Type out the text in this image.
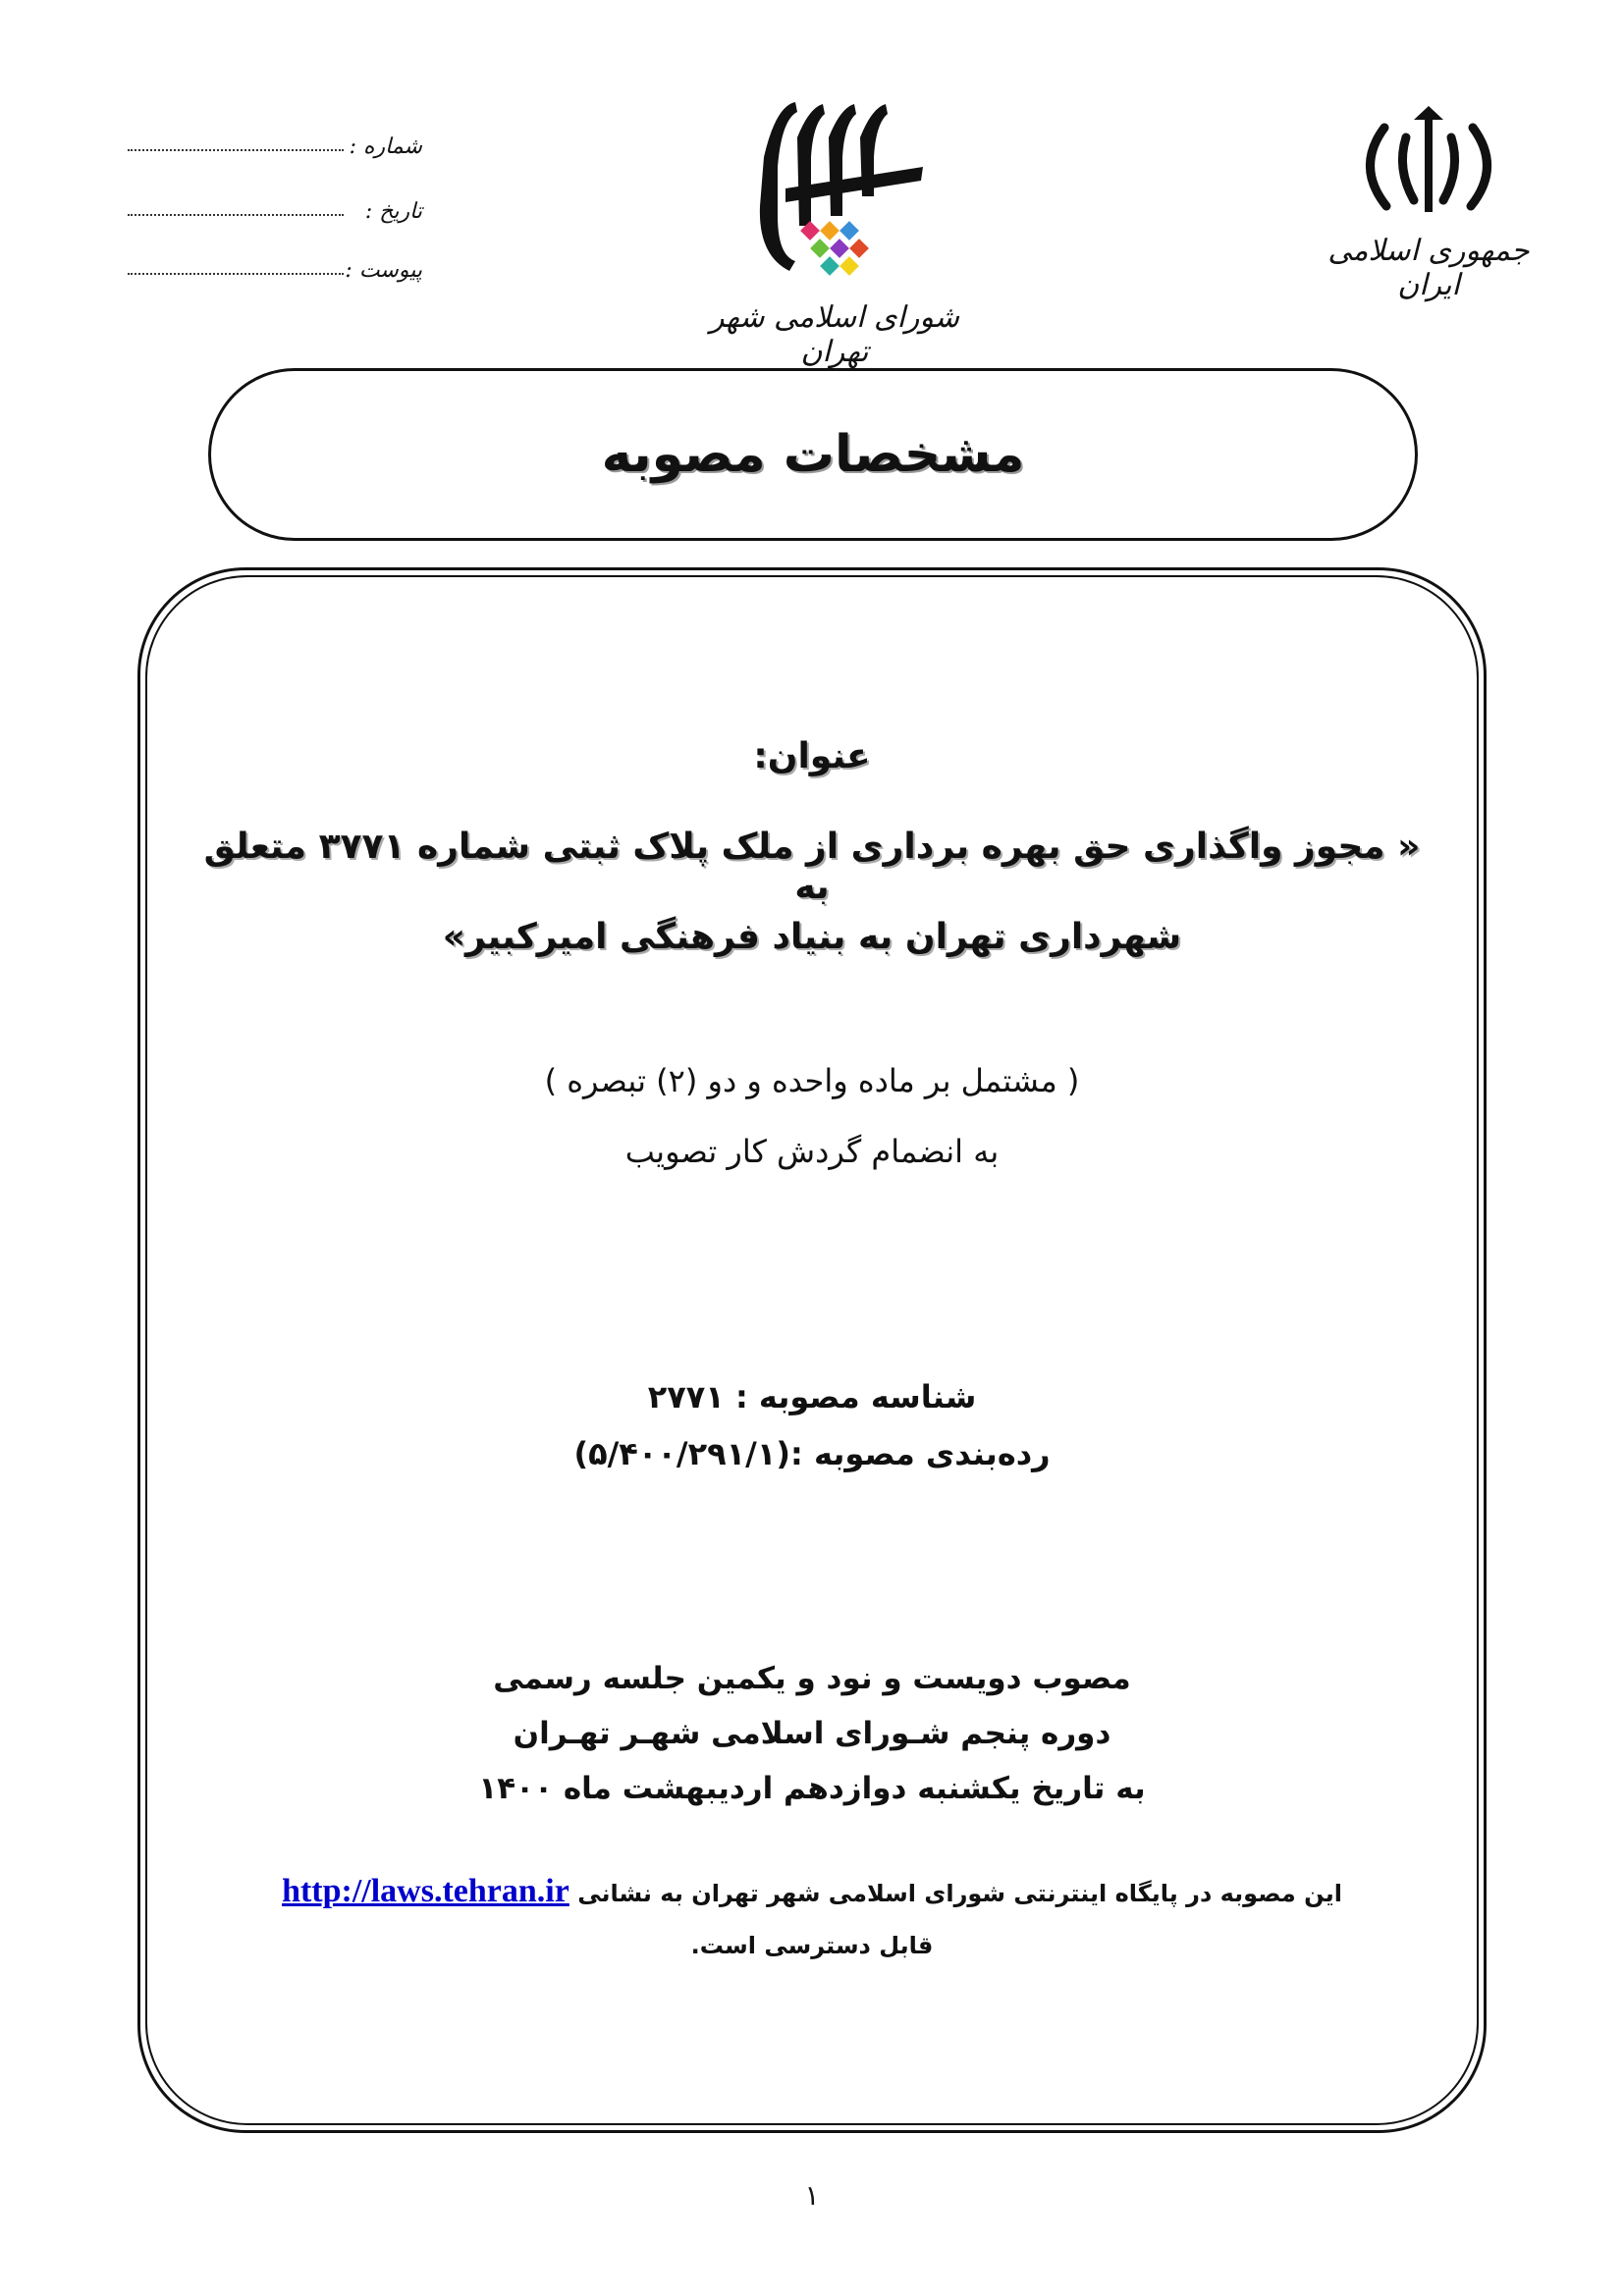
شماره :
تاریخ :
پیوست :
شورای اسلامی شهر تهران
جمهوری اسلامی ایران
مشخصات مصوبه
عنوان:
« مجوز واگذاری حق بهره برداری از ملک پلاک ثبتی شماره ۳۷۷۱ متعلق به
شهرداری تهران به بنیاد فرهنگی امیرکبیر»
( مشتمل بر ماده واحده و دو (۲) تبصره )
به انضمام گردش کار تصویب
شناسه مصوبه : ۲۷۷۱
رده‌بندی مصوبه :(۵/۴۰۰/۲۹۱/۱)
مصوب دویست و نود و یکمین جلسه رسمی
دوره پنجم شـورای اسلامی شهـر تهـران
به تاریخ یکشنبه دوازدهم اردیبهشت ماه ۱۴۰۰
این مصوبه در پایگاه اینترنتی شورای اسلامی شهر تهران به نشانی http://laws.tehran.ir
قابل دسترسی است.
۱
